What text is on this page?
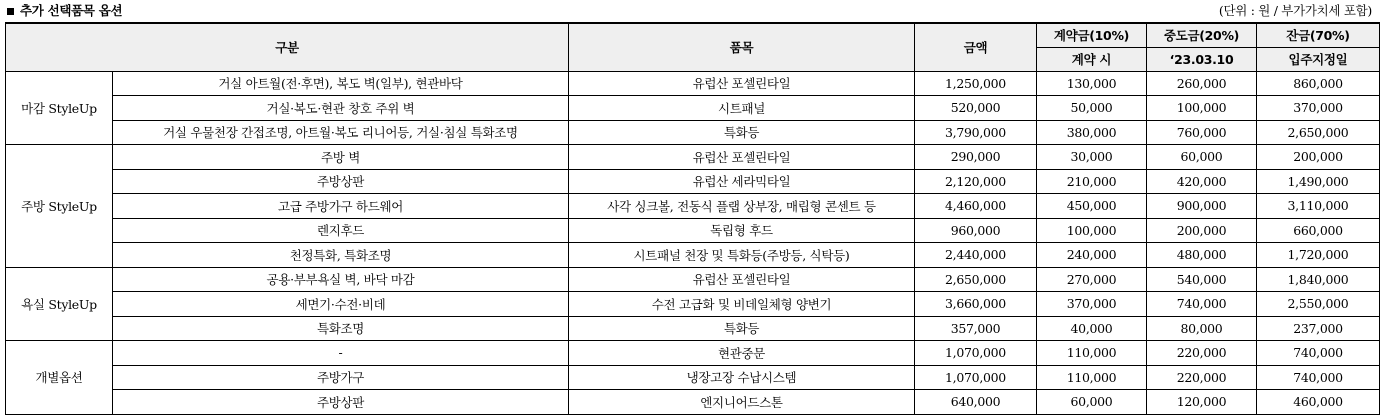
추가 선택품목 옵션	(단위 : 원 / 부가가치세 포함)
구분		품목	금액	계약금(10%)	중도금(20%)	잔금(70%)
				계약 시	‘23.03.10	입주지정일
마감 StyleUp	거실 아트월(전·후면), 복도 벽(일부), 현관바닥	유럽산 포셀린타일	1,250,000	130,000	260,000	860,000
	거실·복도·현관 창호 주위 벽	시트패널	520,000	50,000	100,000	370,000
	거실 우물천장 간접조명, 아트월·복도 리니어등, 거실·침실 특화조명	특화등	3,790,000	380,000	760,000	2,650,000
주방 StyleUp	주방 벽	유럽산 포셀린타일	290,000	30,000	60,000	200,000
	주방상판	유럽산 세라믹타일	2,120,000	210,000	420,000	1,490,000
	고급 주방가구 하드웨어	사각 싱크볼, 전동식 플랩 상부장, 매립형 콘센트 등	4,460,000	450,000	900,000	3,110,000
	렌지후드	독립형 후드	960,000	100,000	200,000	660,000
	천정특화, 특화조명	시트패널 천장 및 특화등(주방등, 식탁등)	2,440,000	240,000	480,000	1,720,000
욕실 StyleUp	공용·부부욕실 벽, 바닥 마감	유럽산 포셀린타일	2,650,000	270,000	540,000	1,840,000
	세면기·수전·비데	수전 고급화 및 비데일체형 양변기	3,660,000	370,000	740,000	2,550,000
	특화조명	특화등	357,000	40,000	80,000	237,000
개별옵션	-	현관중문	1,070,000	110,000	220,000	740,000
	주방가구	냉장고장 수납시스템	1,070,000	110,000	220,000	740,000
	주방상판	엔지니어드스톤	640,000	60,000	120,000	460,000
